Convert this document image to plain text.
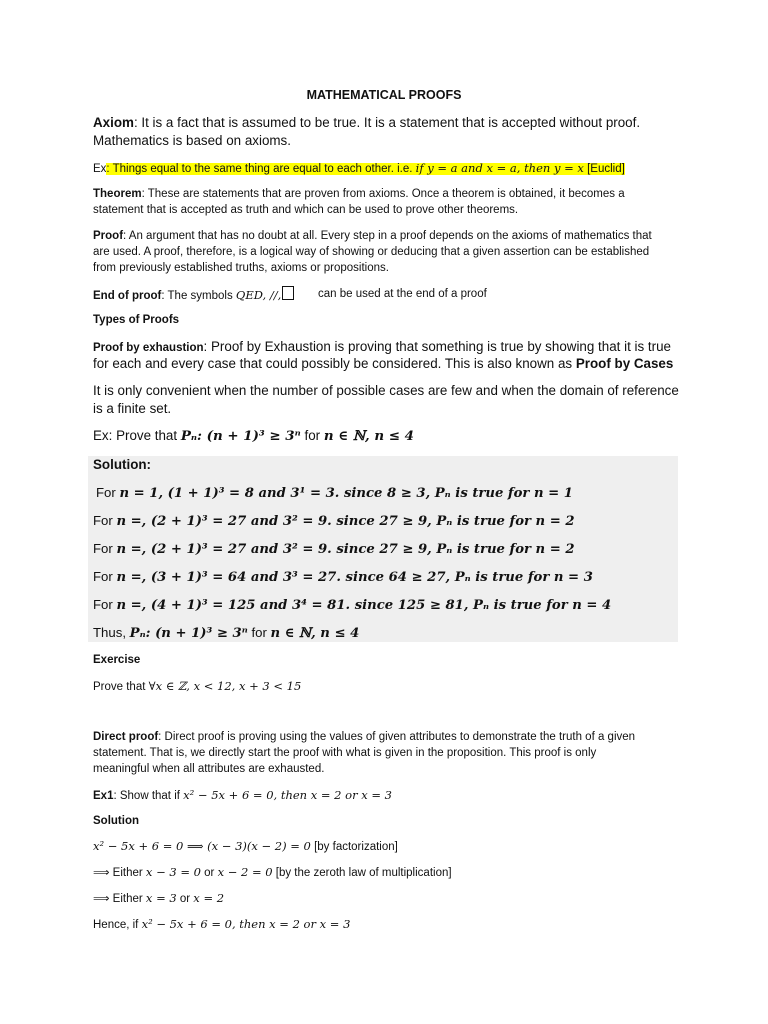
MATHEMATICAL PROOFS
Axiom: It is a fact that is assumed to be true. It is a statement that is accepted without proof.
Mathematics is based on axioms.
Ex: Things equal to the same thing are equal to each other. i.e. if y = a and x = a, then y = x [Euclid]
Theorem: These are statements that are proven from axioms. Once a theorem is obtained, it becomes a
statement that is accepted as truth and which can be used to prove other theorems.
Proof: An argument that has no doubt at all. Every step in a proof depends on the axioms of mathematics that
are used. A proof, therefore, is a logical way of showing or deducing that a given assertion can be established
from previously established truths, axioms or propositions.
End of proof: The symbols QED, //,	can be used at the end of a proof
Types of Proofs
Proof by exhaustion: Proof by Exhaustion is proving that something is true by showing that it is true
for each and every case that could possibly be considered. This is also known as Proof by Cases
It is only convenient when the number of possible cases are few and when the domain of reference
is a finite set.
Ex: Prove that Pₙ: (n + 1)³ ≥ 3ⁿ for n ∈ ℕ, n ≤ 4
Solution:
For n = 1, (1 + 1)³ = 8 and 3¹ = 3. since 8 ≥ 3, Pₙ is true for n = 1
For n =, (2 + 1)³ = 27 and 3² = 9. since 27 ≥ 9, Pₙ is true for n = 2
For n =, (2 + 1)³ = 27 and 3² = 9. since 27 ≥ 9, Pₙ is true for n = 2
For n =, (3 + 1)³ = 64 and 3³ = 27. since 64 ≥ 27, Pₙ is true for n = 3
For n =, (4 + 1)³ = 125 and 3⁴ = 81. since 125 ≥ 81, Pₙ is true for n = 4
Thus, Pₙ: (n + 1)³ ≥ 3ⁿ for n ∈ ℕ, n ≤ 4
Exercise
Prove that ∀x ∈ ℤ, x < 12, x + 3 < 15
Direct proof: Direct proof is proving using the values of given attributes to demonstrate the truth of a given
statement. That is, we directly start the proof with what is given in the proposition. This proof is only
meaningful when all attributes are exhausted.
Ex1: Show that if x² − 5x + 6 = 0, then x = 2 or x = 3
Solution
x² − 5x + 6 = 0 ⟹ (x − 3)(x − 2) = 0 [by factorization]
⟹ Either x − 3 = 0 or x − 2 = 0 [by the zeroth law of multiplication]
⟹ Either x = 3 or x = 2
Hence, if x² − 5x + 6 = 0, then x = 2 or x = 3
